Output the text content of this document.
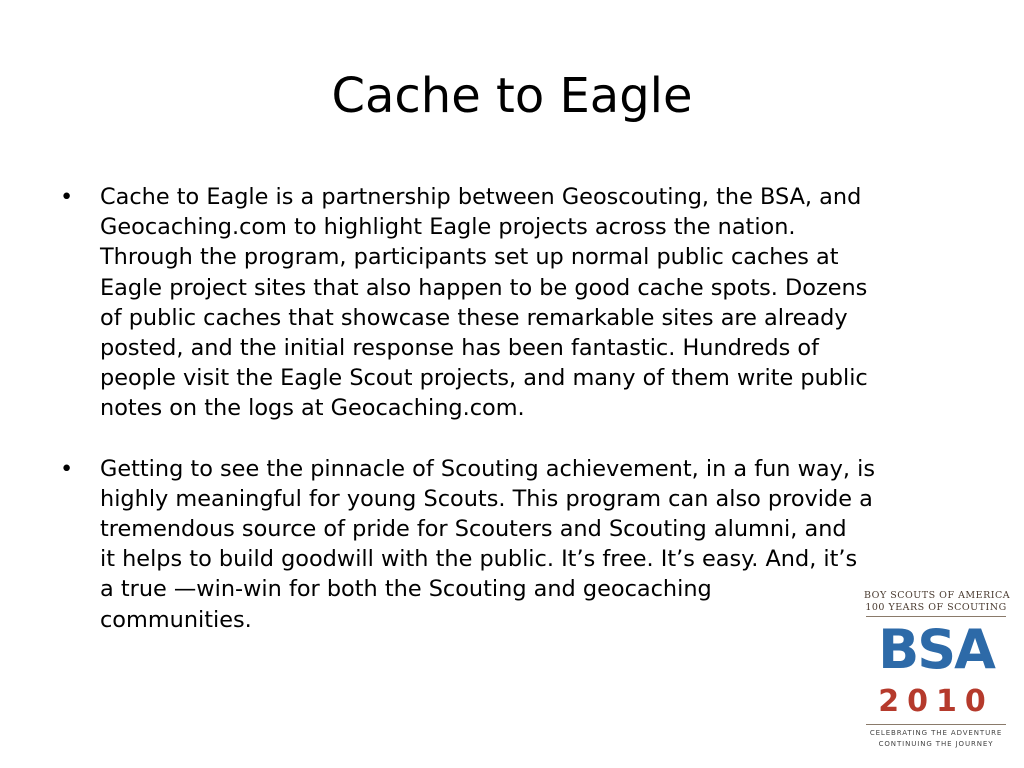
Cache to Eagle
•	Cache to Eagle is a partnership between Geoscouting, the BSA, and
Geocaching.com to highlight Eagle projects across the nation.
Through the program, participants set up normal public caches at
Eagle project sites that also happen to be good cache spots. Dozens
of public caches that showcase these remarkable sites are already
posted, and the initial response has been fantastic. Hundreds of
people visit the Eagle Scout projects, and many of them write public
notes on the logs at Geocaching.com.
•	Getting to see the pinnacle of Scouting achievement, in a fun way, is
highly meaningful for young Scouts. This program can also provide a
tremendous source of pride for Scouters and Scouting alumni, and
it helps to build goodwill with the public. It’s free. It’s easy. And, it’s
a true —win-win for both the Scouting and geocaching
communities.
BOY SCOUTS OF AMERICA
100 YEARS OF SCOUTING
BSA
2010
CELEBRATING THE ADVENTURE
CONTINUING THE JOURNEY
